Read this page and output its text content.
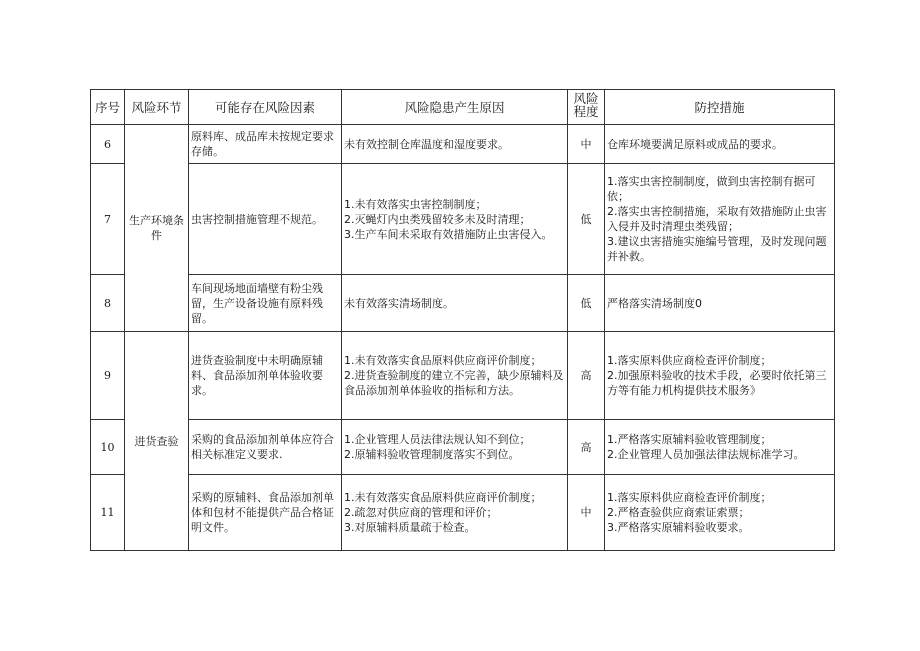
序号	风险环节	可能存在风险因素	风险隐患产生原因	风险程度	防控措施
6	生产环境条件	原料库、成品库未按规定要求存储。	未有效控制仓库温度和湿度要求。	中	仓库环境要满足原料或成品的要求。

7		虫害控制措施管理不规范。	1.未有效落实虫害控制制度；
2.灭蝇灯内虫类残留较多未及时清理；
3.生产车间未采取有效措施防止虫害侵入。	低	1.落实虫害控制制度，做到虫害控制有据可依；
2.落实虫害控制措施，采取有效措施防止虫害入侵并及时清理虫类残留；
3.建议虫害措施实施编号管理，及时发现问题并补救。

8		车间现场地面墙壁有粉尘残留，生产设备设施有原料残留。	未有效落实清场制度。	低	严格落实清场制度0

9	进货查验	进货查验制度中未明确原辅料、食品添加剂单体验收要求。	1.未有效落实食品原料供应商评价制度；
2.进货查验制度的建立不完善，缺少原辅料及食品添加剂单体验收的指标和方法。	高	1.落实原料供应商检查评价制度；
2.加强原料验收的技术手段，必要时依托第三方等有能力机构提供技术服务》

10		采购的食品添加剂单体应符合相关标准定义要求.	1.企业管理人员法律法规认知不到位；
2.原辅料验收管理制度落实不到位。	高	1.严格落实原辅料验收管理制度；
2.企业管理人员加强法律法规标准学习。

11		采购的原辅料、食品添加剂单体和包材不能提供产品合格证明文件。	1.未有效落实食品原料供应商评价制度；
2.疏忽对供应商的管理和评价；
3.对原辅料质量疏于检查。	中	1.落实原料供应商检查评价制度；
2.严格查验供应商索证索票；
3.严格落实原辅料验收要求。
